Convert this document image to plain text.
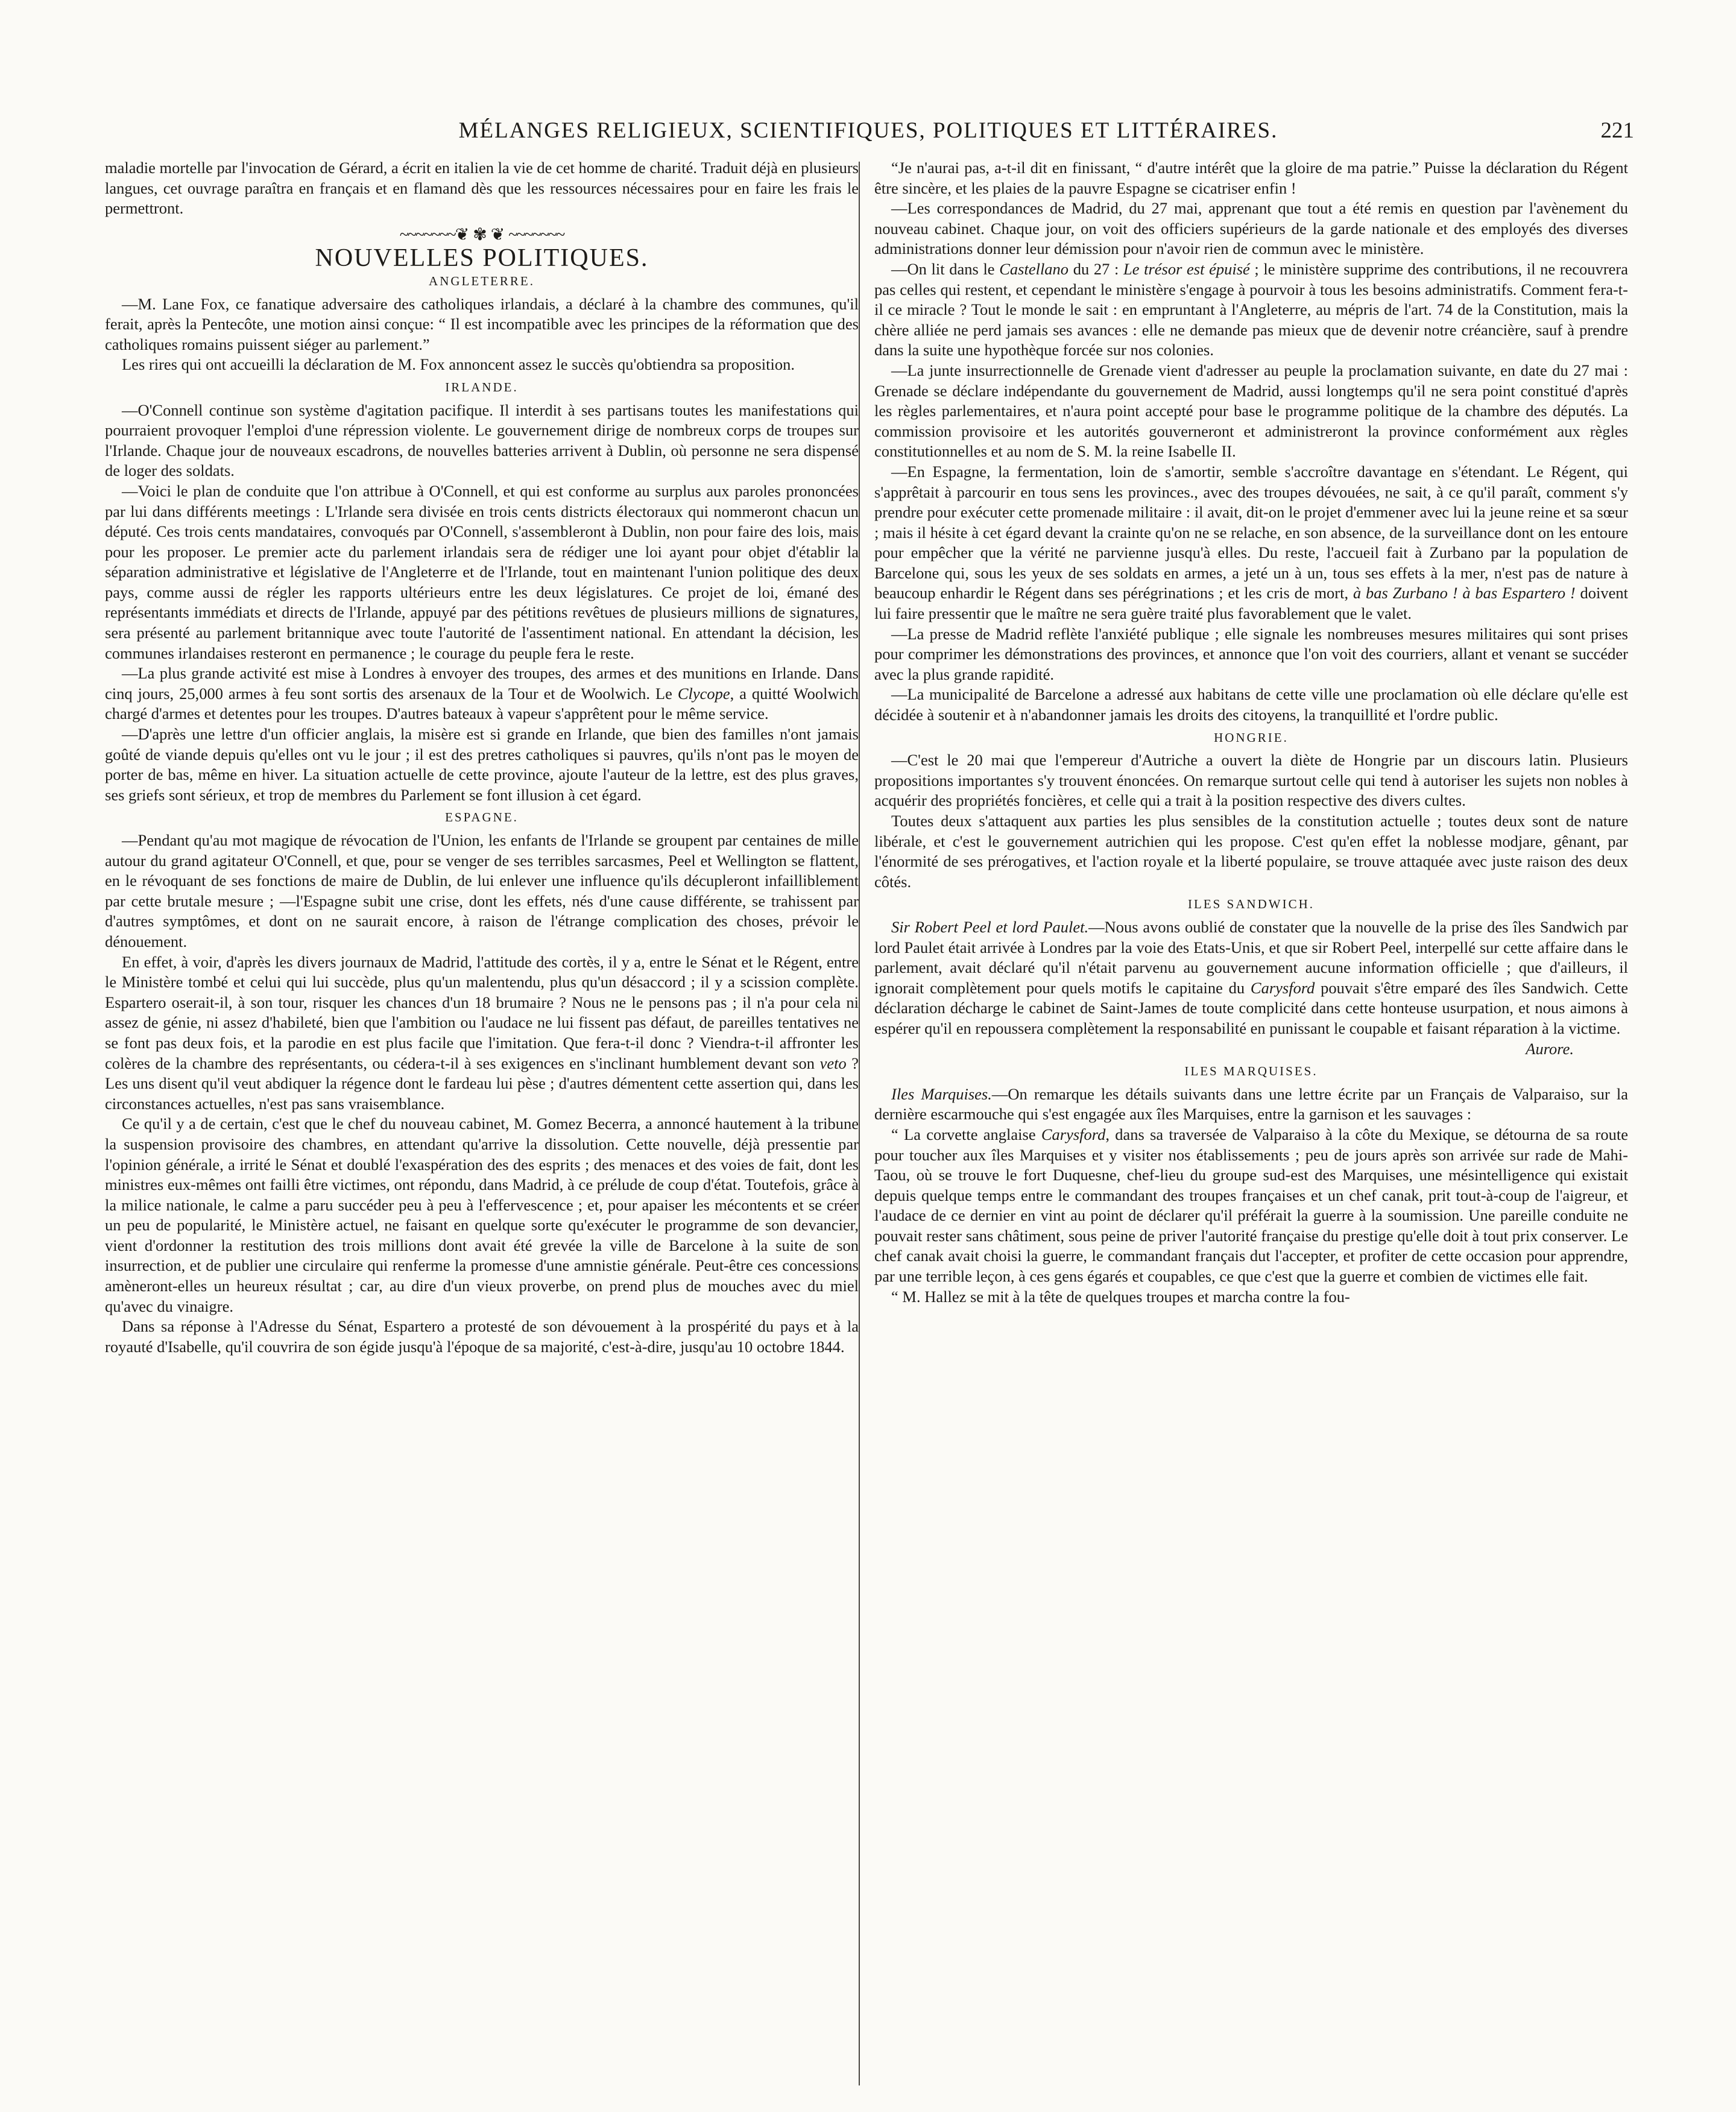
MÉLANGES RELIGIEUX, SCIENTIFIQUES, POLITIQUES ET LITTÉRAIRES.	221

maladie mortelle par l'invocation de Gérard, a écrit en italien la vie de cet homme de charité. Traduit déjà en plusieurs langues, cet ouvrage paraîtra en français et en flamand dès que les ressources nécessaires pour en faire les frais le permettront.

~~~~~~~❦✾❦~~~~~~~
NOUVELLES POLITIQUES.
ANGLETERRE.

—M. Lane Fox, ce fanatique adversaire des catholiques irlandais, a déclaré à la chambre des communes, qu'il ferait, après la Pentecôte, une motion ainsi conçue: “ Il est incompatible avec les principes de la réformation que des catholiques romains puissent siéger au parlement.”

Les rires qui ont accueilli la déclaration de M. Fox annoncent assez le succès qu'obtiendra sa proposition.

IRLANDE.

—O'Connell continue son système d'agitation pacifique. Il interdit à ses partisans toutes les manifestations qui pourraient provoquer l'emploi d'une répression violente. Le gouvernement dirige de nombreux corps de troupes sur l'Irlande. Chaque jour de nouveaux escadrons, de nouvelles batteries arrivent à Dublin, où personne ne sera dispensé de loger des soldats.

—Voici le plan de conduite que l'on attribue à O'Connell, et qui est conforme au surplus aux paroles prononcées par lui dans différents meetings : L'Irlande sera divisée en trois cents districts électoraux qui nommeront chacun un député. Ces trois cents mandataires, convoqués par O'Connell, s'assembleront à Dublin, non pour faire des lois, mais pour les proposer. Le premier acte du parlement irlandais sera de rédiger une loi ayant pour objet d'établir la séparation administrative et législative de l'Angleterre et de l'Irlande, tout en maintenant l'union politique des deux pays, comme aussi de régler les rapports ultérieurs entre les deux législatures. Ce projet de loi, émané des représentants immédiats et directs de l'Irlande, appuyé par des pétitions revêtues de plusieurs millions de signatures, sera présenté au parlement britannique avec toute l'autorité de l'assentiment national. En attendant la décision, les communes irlandaises resteront en permanence ; le courage du peuple fera le reste.

—La plus grande activité est mise à Londres à envoyer des troupes, des armes et des munitions en Irlande. Dans cinq jours, 25,000 armes à feu sont sortis des arsenaux de la Tour et de Woolwich. Le Clycope, a quitté Woolwich chargé d'armes et detentes pour les troupes. D'autres bateaux à vapeur s'apprêtent pour le même service.

—D'après une lettre d'un officier anglais, la misère est si grande en Irlande, que bien des familles n'ont jamais goûté de viande depuis qu'elles ont vu le jour ; il est des pretres catholiques si pauvres, qu'ils n'ont pas le moyen de porter de bas, même en hiver. La situation actuelle de cette province, ajoute l'auteur de la lettre, est des plus graves, ses griefs sont sérieux, et trop de membres du Parlement se font illusion à cet égard.

ESPAGNE.

—Pendant qu'au mot magique de révocation de l'Union, les enfants de l'Irlande se groupent par centaines de mille autour du grand agitateur O'Connell, et que, pour se venger de ses terribles sarcasmes, Peel et Wellington se flattent, en le révoquant de ses fonctions de maire de Dublin, de lui enlever une influence qu'ils décupleront infailliblement par cette brutale mesure ; —l'Espagne subit une crise, dont les effets, nés d'une cause différente, se trahissent par d'autres symptômes, et dont on ne saurait encore, à raison de l'étrange complication des choses, prévoir le dénouement.

En effet, à voir, d'après les divers journaux de Madrid, l'attitude des cortès, il y a, entre le Sénat et le Régent, entre le Ministère tombé et celui qui lui succède, plus qu'un malentendu, plus qu'un désaccord ; il y a scission complète. Espartero oserait-il, à son tour, risquer les chances d'un 18 brumaire ? Nous ne le pensons pas ; il n'a pour cela ni assez de génie, ni assez d'habileté, bien que l'ambition ou l'audace ne lui fissent pas défaut, de pareilles tentatives ne se font pas deux fois, et la parodie en est plus facile que l'imitation. Que fera-t-il donc ? Viendra-t-il affronter les colères de la chambre des représentants, ou cédera-t-il à ses exigences en s'inclinant humblement devant son veto ? Les uns disent qu'il veut abdiquer la régence dont le fardeau lui pèse ; d'autres démentent cette assertion qui, dans les circonstances actuelles, n'est pas sans vraisemblance.

Ce qu'il y a de certain, c'est que le chef du nouveau cabinet, M. Gomez Becerra, a annoncé hautement à la tribune la suspension provisoire des chambres, en attendant qu'arrive la dissolution. Cette nouvelle, déjà pressentie par l'opinion générale, a irrité le Sénat et doublé l'exaspération des des esprits ; des menaces et des voies de fait, dont les ministres eux-mêmes ont failli être victimes, ont répondu, dans Madrid, à ce prélude de coup d'état. Toutefois, grâce à la milice nationale, le calme a paru succéder peu à peu à l'effervescence ; et, pour apaiser les mécontents et se créer un peu de popularité, le Ministère actuel, ne faisant en quelque sorte qu'exécuter le programme de son devancier, vient d'ordonner la restitution des trois millions dont avait été grevée la ville de Barcelone à la suite de son insurrection, et de publier une circulaire qui renferme la promesse d'une amnistie générale. Peut-être ces concessions amèneront-elles un heureux résultat ; car, au dire d'un vieux proverbe, on prend plus de mouches avec du miel qu'avec du vinaigre.

Dans sa réponse à l'Adresse du Sénat, Espartero a protesté de son dévouement à la prospérité du pays et à la royauté d'Isabelle, qu'il couvrira de son égide jusqu'à l'époque de sa majorité, c'est-à-dire, jusqu'au 10 octobre 1844.

“Je n'aurai pas, a-t-il dit en finissant, “ d'autre intérêt que la gloire de ma patrie.” Puisse la déclaration du Régent être sincère, et les plaies de la pauvre Espagne se cicatriser enfin !

—Les correspondances de Madrid, du 27 mai, apprenant que tout a été remis en question par l'avènement du nouveau cabinet. Chaque jour, on voit des officiers supérieurs de la garde nationale et des employés des diverses administrations donner leur démission pour n'avoir rien de commun avec le ministère.

—On lit dans le Castellano du 27 : Le trésor est épuisé ; le ministère supprime des contributions, il ne recouvrera pas celles qui restent, et cependant le ministère s'engage à pourvoir à tous les besoins administratifs. Comment fera-t-il ce miracle ? Tout le monde le sait : en empruntant à l'Angleterre, au mépris de l'art. 74 de la Constitution, mais la chère alliée ne perd jamais ses avances : elle ne demande pas mieux que de devenir notre créancière, sauf à prendre dans la suite une hypothèque forcée sur nos colonies.

—La junte insurrectionnelle de Grenade vient d'adresser au peuple la proclamation suivante, en date du 27 mai : Grenade se déclare indépendante du gouvernement de Madrid, aussi longtemps qu'il ne sera point constitué d'après les règles parlementaires, et n'aura point accepté pour base le programme politique de la chambre des députés. La commission provisoire et les autorités gouverneront et administreront la province conformément aux règles constitutionnelles et au nom de S. M. la reine Isabelle II.

—En Espagne, la fermentation, loin de s'amortir, semble s'accroître davantage en s'étendant. Le Régent, qui s'apprêtait à parcourir en tous sens les provinces., avec des troupes dévouées, ne sait, à ce qu'il paraît, comment s'y prendre pour exécuter cette promenade militaire : il avait, dit-on le projet d'emmener avec lui la jeune reine et sa sœur ; mais il hésite à cet égard devant la crainte qu'on ne se relache, en son absence, de la surveillance dont on les entoure pour empêcher que la vérité ne parvienne jusqu'à elles. Du reste, l'accueil fait à Zurbano par la population de Barcelone qui, sous les yeux de ses soldats en armes, a jeté un à un, tous ses effets à la mer, n'est pas de nature à beaucoup enhardir le Régent dans ses pérégrinations ; et les cris de mort, à bas Zurbano ! à bas Espartero ! doivent lui faire pressentir que le maître ne sera guère traité plus favorablement que le valet.

—La presse de Madrid reflète l'anxiété publique ; elle signale les nombreuses mesures militaires qui sont prises pour comprimer les démonstrations des provinces, et annonce que l'on voit des courriers, allant et venant se succéder avec la plus grande rapidité.

—La municipalité de Barcelone a adressé aux habitans de cette ville une proclamation où elle déclare qu'elle est décidée à soutenir et à n'abandonner jamais les droits des citoyens, la tranquillité et l'ordre public.

HONGRIE.

—C'est le 20 mai que l'empereur d'Autriche a ouvert la diète de Hongrie par un discours latin. Plusieurs propositions importantes s'y trouvent énoncées. On remarque surtout celle qui tend à autoriser les sujets non nobles à acquérir des propriétés foncières, et celle qui a trait à la position respective des divers cultes.

Toutes deux s'attaquent aux parties les plus sensibles de la constitution actuelle ; toutes deux sont de nature libérale, et c'est le gouvernement autrichien qui les propose. C'est qu'en effet la noblesse modjare, gênant, par l'énormité de ses prérogatives, et l'action royale et la liberté populaire, se trouve attaquée avec juste raison des deux côtés.

ILES SANDWICH.

Sir Robert Peel et lord Paulet.—Nous avons oublié de constater que la nouvelle de la prise des îles Sandwich par lord Paulet était arrivée à Londres par la voie des Etats-Unis, et que sir Robert Peel, interpellé sur cette affaire dans le parlement, avait déclaré qu'il n'était parvenu au gouvernement aucune information officielle ; que d'ailleurs, il ignorait complètement pour quels motifs le capitaine du Carysford pouvait s'être emparé des îles Sandwich. Cette déclaration décharge le cabinet de Saint-James de toute complicité dans cette honteuse usurpation, et nous aimons à espérer qu'il en repoussera complètement la responsabilité en punissant le coupable et faisant réparation à la victime.

Aurore.

ILES MARQUISES.

Iles Marquises.—On remarque les détails suivants dans une lettre écrite par un Français de Valparaiso, sur la dernière escarmouche qui s'est engagée aux îles Marquises, entre la garnison et les sauvages :

“ La corvette anglaise Carysford, dans sa traversée de Valparaiso à la côte du Mexique, se détourna de sa route pour toucher aux îles Marquises et y visiter nos établissements ; peu de jours après son arrivée sur rade de Mahi-Taou, où se trouve le fort Duquesne, chef-lieu du groupe sud-est des Marquises, une mésintelligence qui existait depuis quelque temps entre le commandant des troupes françaises et un chef canak, prit tout-à-coup de l'aigreur, et l'audace de ce dernier en vint au point de déclarer qu'il préférait la guerre à la soumission. Une pareille conduite ne pouvait rester sans châtiment, sous peine de priver l'autorité française du prestige qu'elle doit à tout prix conserver. Le chef canak avait choisi la guerre, le commandant français dut l'accepter, et profiter de cette occasion pour apprendre, par une terrible leçon, à ces gens égarés et coupables, ce que c'est que la guerre et combien de victimes elle fait.

“ M. Hallez se mit à la tête de quelques troupes et marcha contre la fou-
